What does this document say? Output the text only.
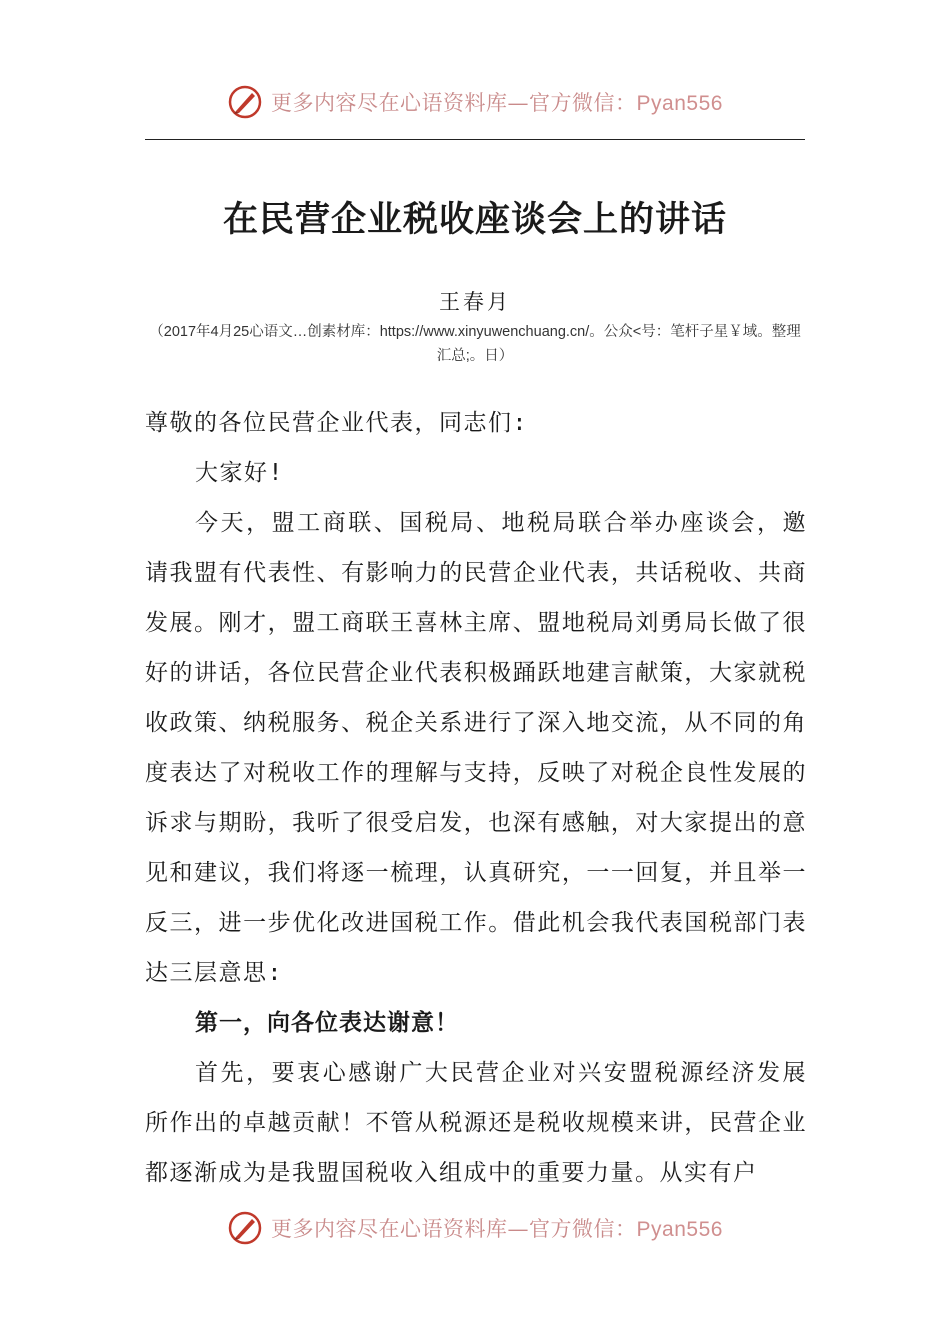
更多内容尽在心语资料库—官方微信：Pyan556
在民营企业税收座谈会上的讲话
王春月
（2017年4月25心语文…创素材库：https://www.xinyuwenchuang.cn/。公众<号：笔杆子星￥域。整理汇总;。日）

尊敬的各位民营企业代表，同志们:

大家好!

今天，盟工商联、国税局、地税局联合举办座谈会，邀请我盟有代表性、有影响力的民营企业代表，共话税收、共商发展。刚才，盟工商联王喜林主席、盟地税局刘勇局长做了很好的讲话，各位民营企业代表积极踊跃地建言献策，大家就税收政策、纳税服务、税企关系进行了深入地交流，从不同的角度表达了对税收工作的理解与支持，反映了对税企良性发展的诉求与期盼，我听了很受启发，也深有感触，对大家提出的意见和建议，我们将逐一梳理，认真研究，一一回复，并且举一反三，进一步优化改进国税工作。借此机会我代表国税部门表达三层意思:

第一，向各位表达谢意！

首先，要衷心感谢广大民营企业对兴安盟税源经济发展所作出的卓越贡献！不管从税源还是税收规模来讲，民营企业都逐渐成为是我盟国税收入组成中的重要力量。从实有户

更多内容尽在心语资料库—官方微信：Pyan556
